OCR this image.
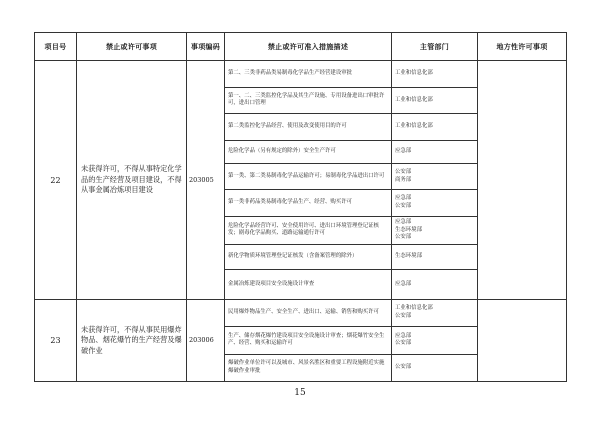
项目号	禁止或许可事项	事项编码	禁止或许可准入措施描述	主管部门	地方性许可事项
22	未获得许可，不得从事特定化学品的生产经营及项目建设，不得从事金属冶炼项目建设	203005	第二、三类非药品类易制毒化学品生产经营建设审批	工业和信息化部	
			第一、二、三类监控化学品及其生产设施、专用设备进出口审批许可，进出口管理	工业和信息化部	
			第二类监控化学品经营、使用及改变使用目的许可	工业和信息化部	
			危险化学品（另有规定的除外）安全生产许可	应急部	
			第一类、第二类易制毒化学品运输许可；易制毒化学品进出口许可	公安部
商务部	
			第一类非药品类易制毒化学品生产、经营、购买许可	应急部
公安部	
			危险化学品经营许可、安全使用许可、进出口环境管理登记证核发；剧毒化学品购买、道路运输通行许可	应急部
生态环境部
公安部	
			新化学物质环境管理登记证核发（含备案管理的除外）	生态环境部	
			金属冶炼建设项目安全设施设计审查	应急部	
23	未获得许可，不得从事民用爆炸物品、烟花爆竹的生产经营及爆破作业	203006	民用爆炸物品生产、安全生产、进出口、运输、销售和购买许可	工业和信息化部
公安部	
			生产、储存烟花爆竹建设项目安全设施设计审查；烟花爆竹安全生产、经营、购买和运输许可	应急部
公安部	
			爆破作业单位许可以及城市、风景名胜区和重要工程设施附近实施爆破作业审批	公安部	
15
